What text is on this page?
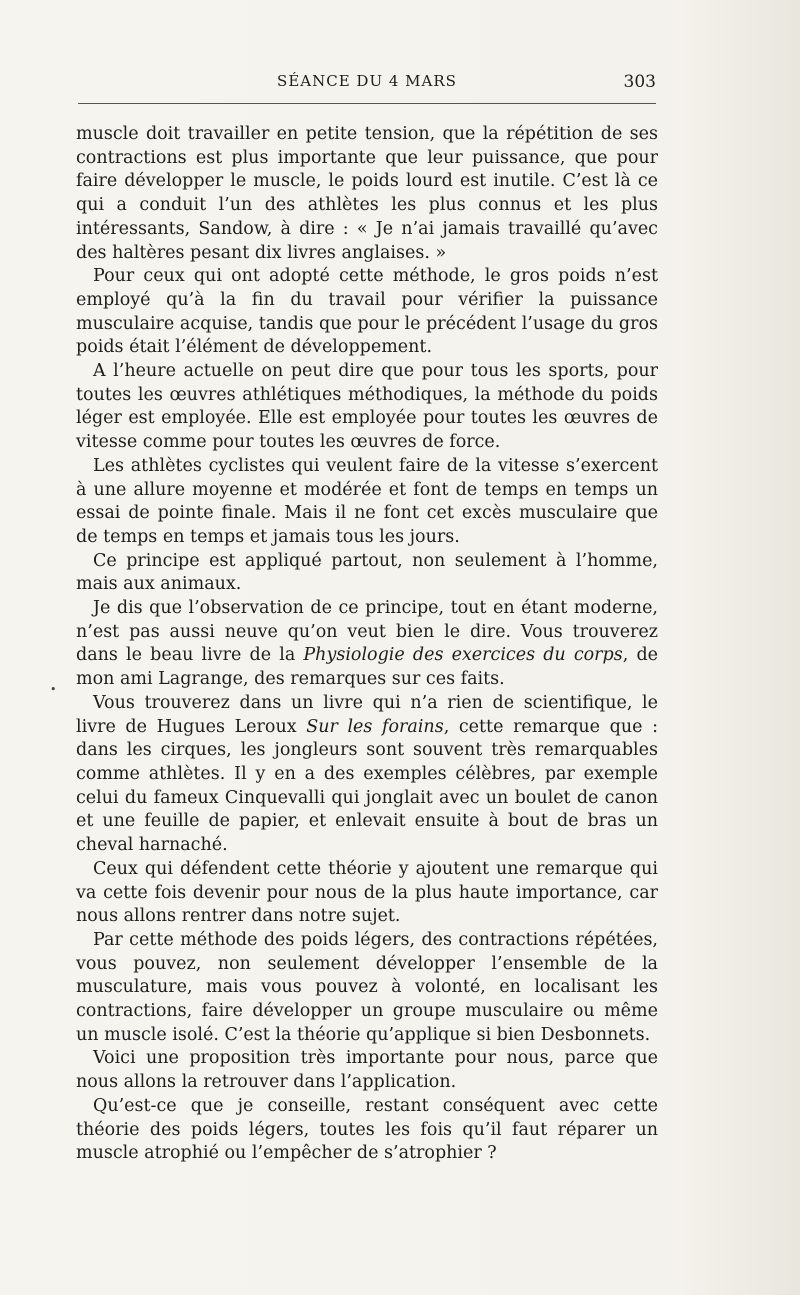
SÉANCE DU 4 MARS	303
•

muscle doit travailler en petite tension, que la répétition de ses contractions est plus importante que leur puissance, que pour faire développer le muscle, le poids lourd est inutile. C’est là ce qui a conduit l’un des athlètes les plus connus et les plus intéressants, Sandow, à dire : « Je n’ai jamais travaillé qu’avec des haltères pesant dix livres anglaises. »

Pour ceux qui ont adopté cette méthode, le gros poids n’est employé qu’à la fin du travail pour vérifier la puissance musculaire acquise, tandis que pour le précédent l’usage du gros poids était l’élément de développement.

A l’heure actuelle on peut dire que pour tous les sports, pour toutes les œuvres athlétiques méthodiques, la méthode du poids léger est employée. Elle est employée pour toutes les œuvres de vitesse comme pour toutes les œuvres de force.

Les athlètes cyclistes qui veulent faire de la vitesse s’exercent à une allure moyenne et modérée et font de temps en temps un essai de pointe finale. Mais il ne font cet excès musculaire que de temps en temps et jamais tous les jours.

Ce principe est appliqué partout, non seulement à l’homme, mais aux animaux.

Je dis que l’observation de ce principe, tout en étant moderne, n’est pas aussi neuve qu’on veut bien le dire. Vous trouverez dans le beau livre de la Physiologie des exercices du corps, de mon ami Lagrange, des remarques sur ces faits.

Vous trouverez dans un livre qui n’a rien de scientifique, le livre de Hugues Leroux Sur les forains, cette remarque que : dans les cirques, les jongleurs sont souvent très remarquables comme athlètes. Il y en a des exemples célèbres, par exemple celui du fameux Cinquevalli qui jonglait avec un boulet de canon et une feuille de papier, et enlevait ensuite à bout de bras un cheval harnaché.

Ceux qui défendent cette théorie y ajoutent une remarque qui va cette fois devenir pour nous de la plus haute importance, car nous allons rentrer dans notre sujet.

Par cette méthode des poids légers, des contractions répétées, vous pouvez, non seulement développer l’ensemble de la musculature, mais vous pouvez à volonté, en localisant les contractions, faire développer un groupe musculaire ou même un muscle isolé. C’est la théorie qu’applique si bien Desbonnets.

Voici une proposition très importante pour nous, parce que nous allons la retrouver dans l’application.

Qu’est-ce que je conseille, restant conséquent avec cette théorie des poids légers, toutes les fois qu’il faut réparer un muscle atrophié ou l’empêcher de s’atrophier ?
